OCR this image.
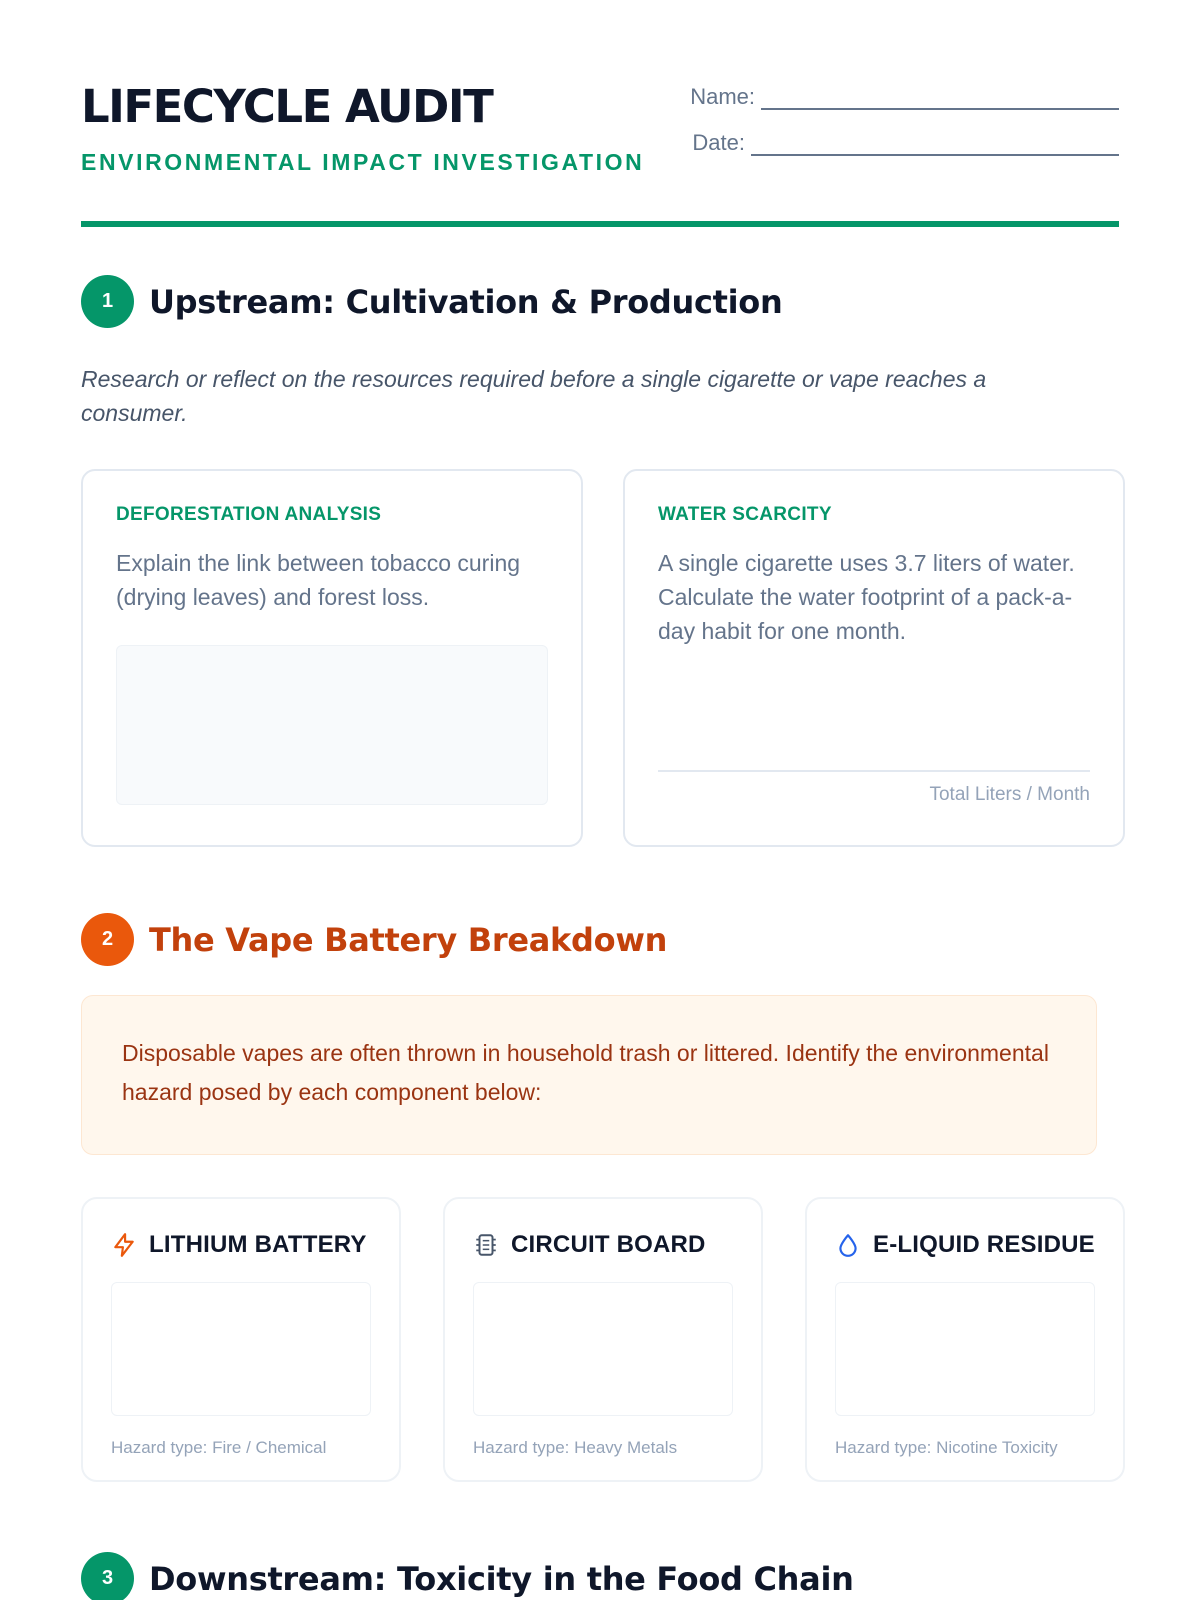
LIFECYCLE AUDIT
ENVIRONMENTAL IMPACT INVESTIGATION
Name:
Date:
1	Upstream: Cultivation & Production
Research or reflect on the resources required before a single cigarette or vape reaches a consumer.
DEFORESTATION ANALYSIS
Explain the link between tobacco curing (drying leaves) and forest loss.
WATER SCARCITY
A single cigarette uses 3.7 liters of water. Calculate the water footprint of a pack-a-day habit for one month.
Total Liters / Month
2	The Vape Battery Breakdown
Disposable vapes are often thrown in household trash or littered. Identify the environmental hazard posed by each component below:
LITHIUM BATTERY
Hazard type: Fire / Chemical
CIRCUIT BOARD
Hazard type: Heavy Metals
E-LIQUID RESIDUE
Hazard type: Nicotine Toxicity
3	Downstream: Toxicity in the Food Chain
